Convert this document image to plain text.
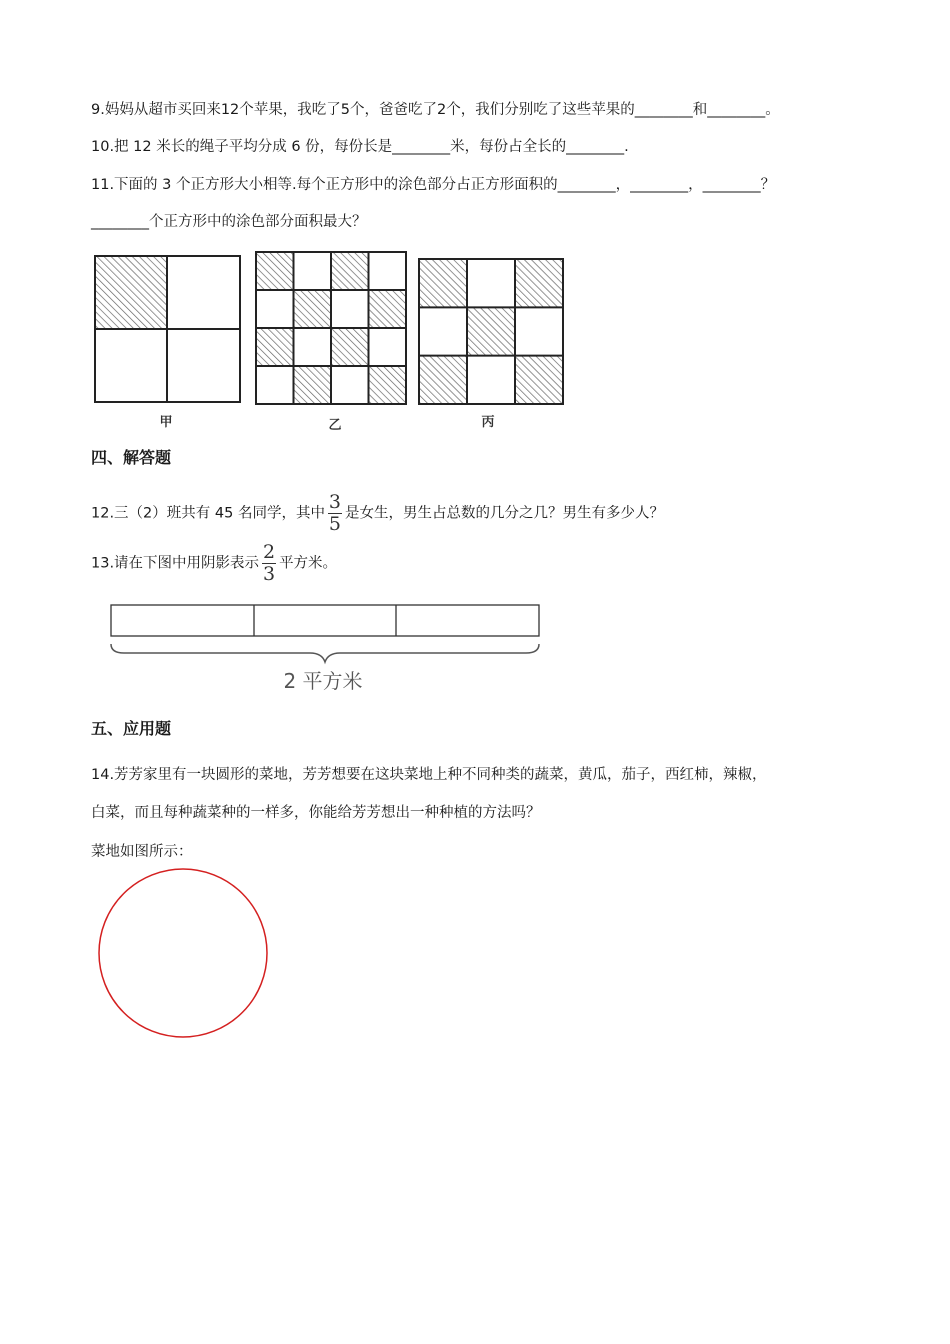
9.妈妈从超市买回来12个苹果，我吃了5个，爸爸吃了2个，我们分别吃了这些苹果的________和________。
10.把 12 米长的绳子平均分成 6 份，每份长是________米，每份占全长的________.
11.下面的 3 个正方形大小相等.每个正方形中的涂色部分占正方形面积的________，________，________？
________个正方形中的涂色部分面积最大？
甲	乙	丙
四、解答题
12.三（2）班共有 45 名同学，其中 $\frac{3}{5}$ 是女生，男生占总数的几分之几？男生有多少人？
13.请在下图中用阴影表示 $\frac{2}{3}$ 平方米。
2 平方米
五、应用题
14.芳芳家里有一块圆形的菜地，芳芳想要在这块菜地上种不同种类的蔬菜，黄瓜，茄子，西红柿，辣椒，
白菜，而且每种蔬菜种的一样多，你能给芳芳想出一种种植的方法吗？
菜地如图所示：
